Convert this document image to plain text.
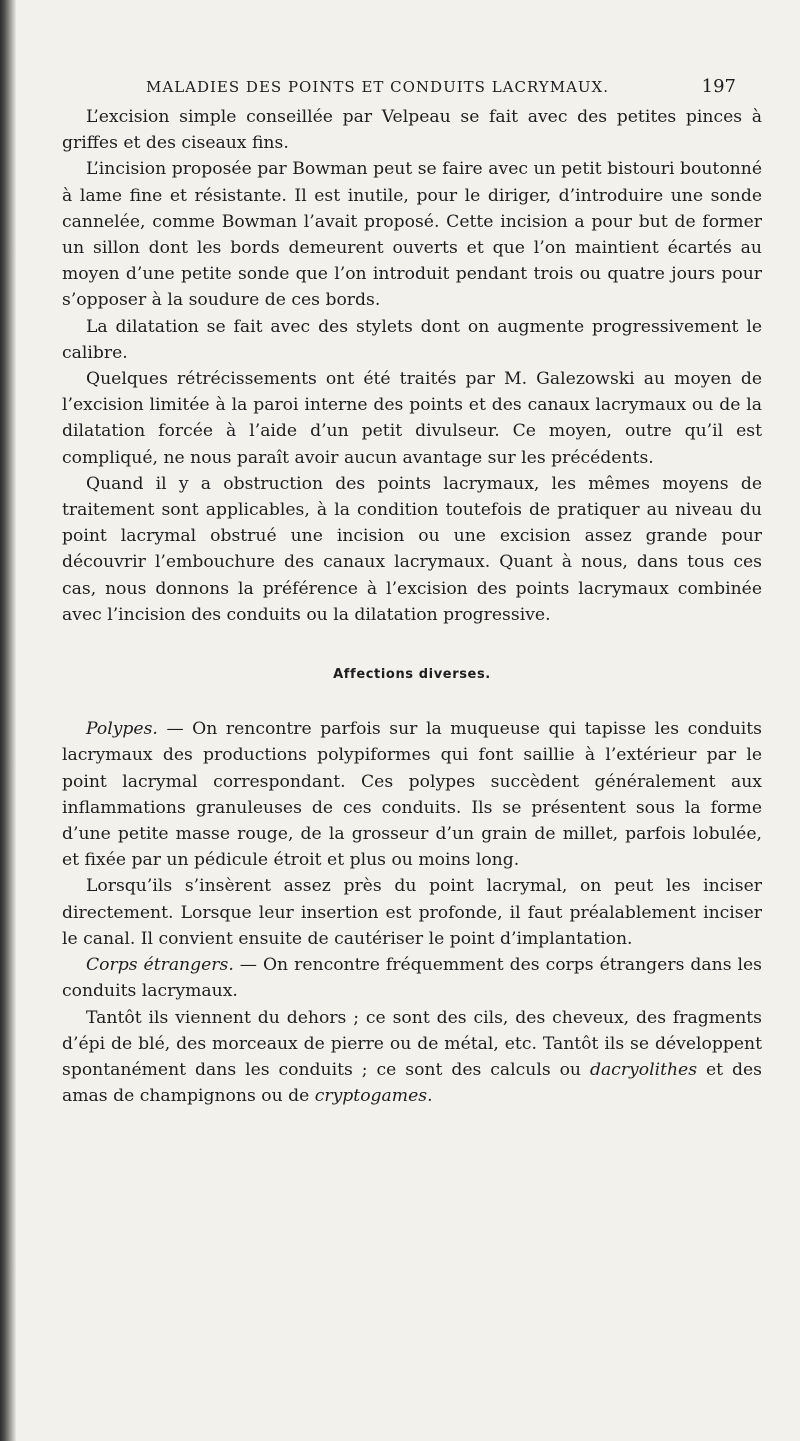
MALADIES DES POINTS ET CONDUITS LACRYMAUX.	197

L’excision simple conseillée par Velpeau se fait avec des petites pinces à griffes et des ciseaux fins.

L’incision proposée par Bowman peut se faire avec un petit bistouri boutonné à lame fine et résistante. Il est inutile, pour le diriger, d’introduire une sonde cannelée, comme Bowman l’avait proposé. Cette incision a pour but de former un sillon dont les bords demeurent ouverts et que l’on maintient écartés au moyen d’une petite sonde que l’on introduit pendant trois ou quatre jours pour s’opposer à la soudure de ces bords.

La dilatation se fait avec des stylets dont on augmente progressivement le calibre.

Quelques rétrécissements ont été traités par M. Galezowski au moyen de l’excision limitée à la paroi interne des points et des canaux lacrymaux ou de la dilatation forcée à l’aide d’un petit divulseur. Ce moyen, outre qu’il est compliqué, ne nous paraît avoir aucun avantage sur les précédents.

Quand il y a obstruction des points lacrymaux, les mêmes moyens de traitement sont applicables, à la condition toutefois de pratiquer au niveau du point lacrymal obstrué une incision ou une excision assez grande pour découvrir l’embouchure des canaux lacrymaux. Quant à nous, dans tous ces cas, nous donnons la préférence à l’excision des points lacrymaux combinée avec l’incision des conduits ou la dilatation progressive.

Affections diverses.

Polypes. — On rencontre parfois sur la muqueuse qui tapisse les conduits lacrymaux des productions polypiformes qui font saillie à l’extérieur par le point lacrymal correspondant. Ces polypes succèdent généralement aux inflammations granuleuses de ces conduits. Ils se présentent sous la forme d’une petite masse rouge, de la grosseur d’un grain de millet, parfois lobulée, et fixée par un pédicule étroit et plus ou moins long.

Lorsqu’ils s’insèrent assez près du point lacrymal, on peut les inciser directement. Lorsque leur insertion est profonde, il faut préalablement inciser le canal. Il convient ensuite de cautériser le point d’implantation.

Corps étrangers. — On rencontre fréquemment des corps étrangers dans les conduits lacrymaux.

Tantôt ils viennent du dehors ; ce sont des cils, des cheveux, des fragments d’épi de blé, des morceaux de pierre ou de métal, etc. Tantôt ils se développent spontanément dans les conduits ; ce sont des calculs ou dacryolithes et des amas de champignons ou de cryptogames.
